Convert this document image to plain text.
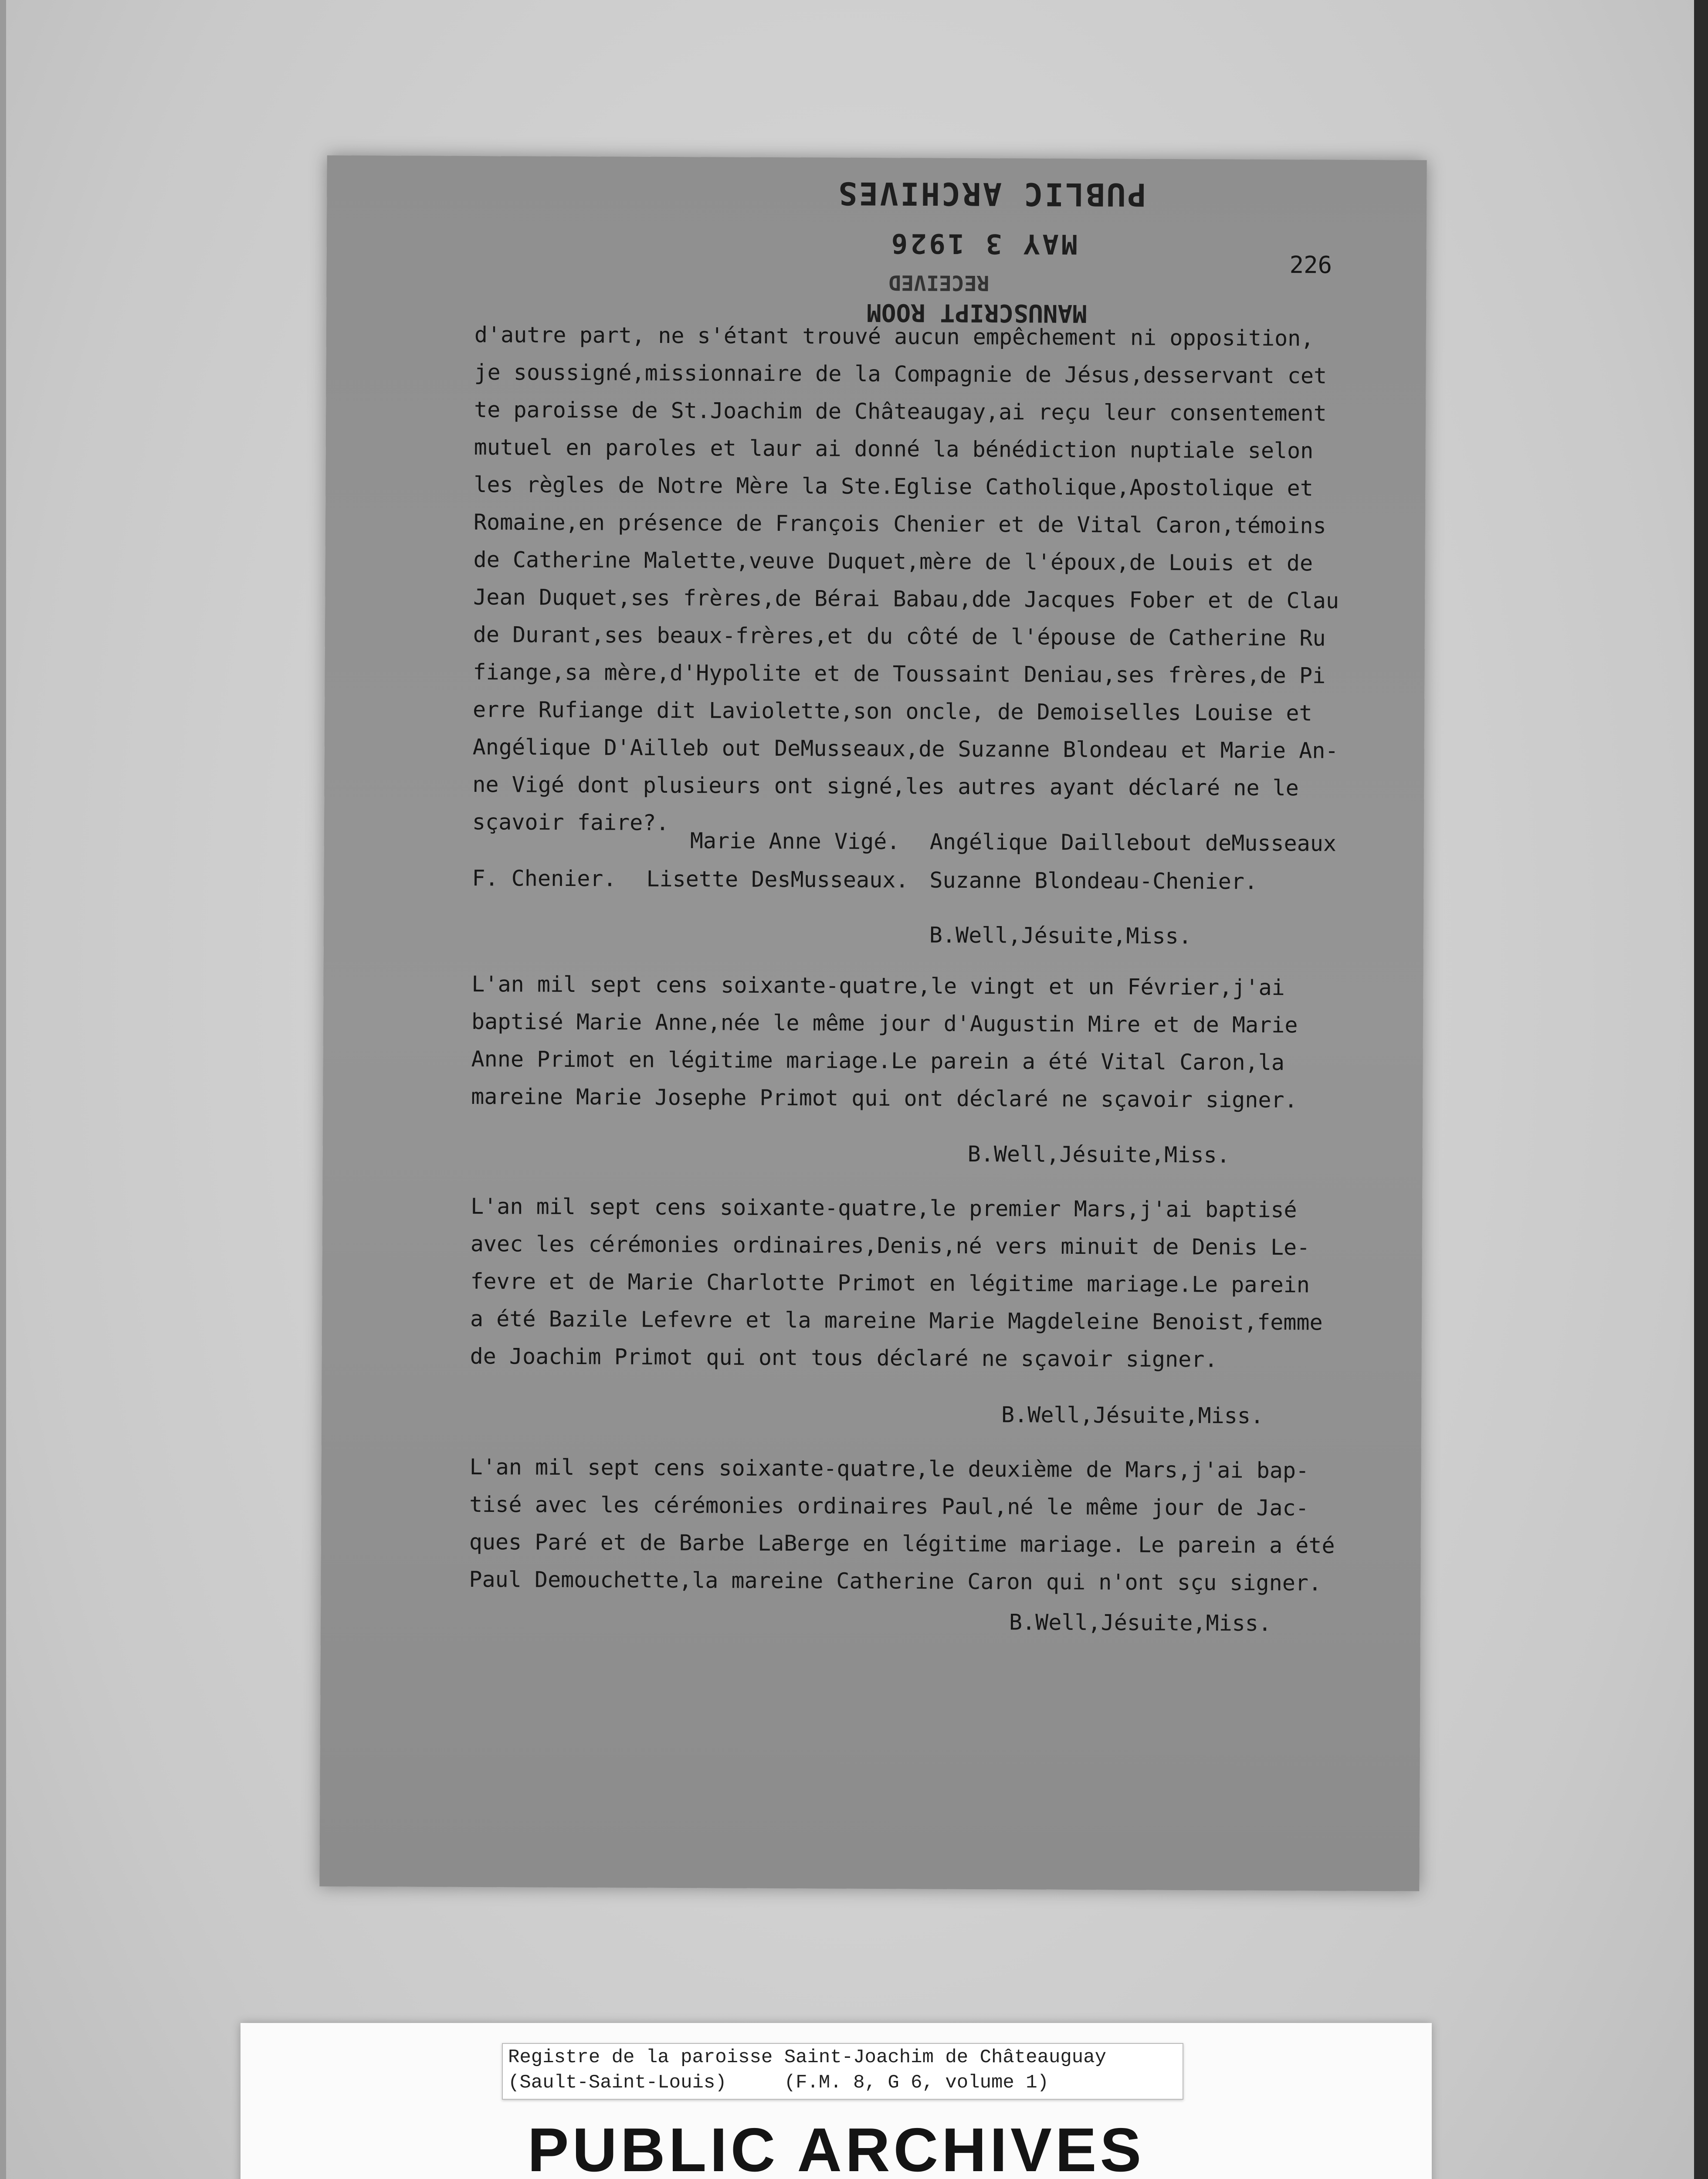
PUBLIC ARCHIVES
MAY 3 1926
RECEIVED
MANUSCRIPT ROOM
226
d'autre part, ne s'étant trouvé aucun empêchement ni opposition,
je soussigné,missionnaire de la Compagnie de Jésus,desservant cet
te paroisse de St.Joachim de Châteaugay,ai reçu leur consentement
mutuel en paroles et laur ai donné la bénédiction nuptiale selon
les règles de Notre Mère la Ste.Eglise Catholique,Apostolique et
Romaine,en présence de François Chenier et de Vital Caron,témoins
de Catherine Malette,veuve Duquet,mère de l'époux,de Louis et de
Jean Duquet,ses frères,de Bérai Babau,dde Jacques Fober et de Clau
de Durant,ses beaux-frères,et du côté de l'épouse de Catherine Ru
fiange,sa mère,d'Hypolite et de Toussaint Deniau,ses frères,de Pi
erre Rufiange dit Laviolette,son oncle, de Demoiselles Louise et
Angélique D'Ailleb out DeMusseaux,de Suzanne Blondeau et Marie An-
ne Vigé dont plusieurs ont signé,les autres ayant déclaré ne le
sçavoir faire?.
Marie Anne Vigé. Angélique Daillebout deMusseaux
F. Chenier. Lisette DesMusseaux. Suzanne Blondeau-Chenier.
B.Well,Jésuite,Miss.
L'an mil sept cens soixante-quatre,le vingt et un Février,j'ai
baptisé Marie Anne,née le même jour d'Augustin Mire et de Marie
Anne Primot en légitime mariage.Le parein a été Vital Caron,la
mareine Marie Josephe Primot qui ont déclaré ne sçavoir signer.
B.Well,Jésuite,Miss.
L'an mil sept cens soixante-quatre,le premier Mars,j'ai baptisé
avec les cérémonies ordinaires,Denis,né vers minuit de Denis Le-
fevre et de Marie Charlotte Primot en légitime mariage.Le parein
a été Bazile Lefevre et la mareine Marie Magdeleine Benoist,femme
de Joachim Primot qui ont tous déclaré ne sçavoir signer.
B.Well,Jésuite,Miss.
L'an mil sept cens soixante-quatre,le deuxième de Mars,j'ai bap-
tisé avec les cérémonies ordinaires Paul,né le même jour de Jac-
ques Paré et de Barbe LaBerge en légitime mariage. Le parein a été
Paul Demouchette,la mareine Catherine Caron qui n'ont sçu signer.
B.Well,Jésuite,Miss.
Registre de la paroisse Saint-Joachim de Châteauguay
(Sault-Saint-Louis)     (F.M. 8, G 6, volume 1)
PUBLIC ARCHIVES
